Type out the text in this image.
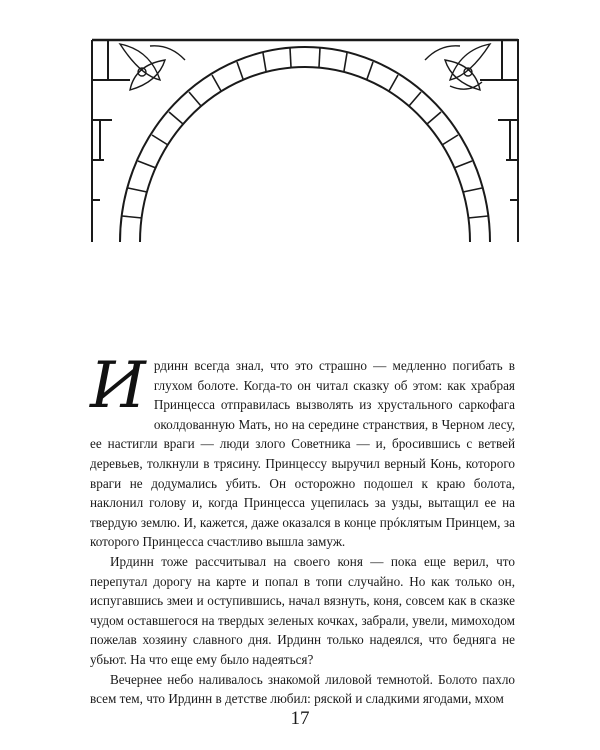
Ирдинн всегда знал, что это страшно — медленно погибать в глухом болоте. Когда-то он читал сказку об этом: как храбрая Принцесса отправилась вызволять из хрустального саркофага околдованную Мать, но на середине странствия, в Черном лесу, ее настигли враги — люди злого Советника — и, бросившись с ветвей деревьев, толкнули в трясину. Принцессу выручил верный Конь, которого враги не додумались убить. Он осторожно подошел к краю болота, наклонил голову и, когда Принцесса уцепилась за узды, вытащил ее на твердую землю. И, кажется, даже оказался в конце прóклятым Принцем, за которого Принцесса счастливо вышла замуж.

Ирдинн тоже рассчитывал на своего коня — пока еще верил, что перепутал дорогу на карте и попал в топи случайно. Но как только он, испугавшись змеи и оступившись, начал вязнуть, коня, совсем как в сказке чудом оставшегося на твердых зеленых кочках, забрали, увели, мимоходом пожелав хозяину славного дня. Ирдинн только надеялся, что бедняга не убьют. На что еще ему было надеяться?

Вечернее небо наливалось знакомой лиловой темнотой. Болото пахло всем тем, что Ирдинн в детстве любил: ряской и сладкими ягодами, мхом

17
